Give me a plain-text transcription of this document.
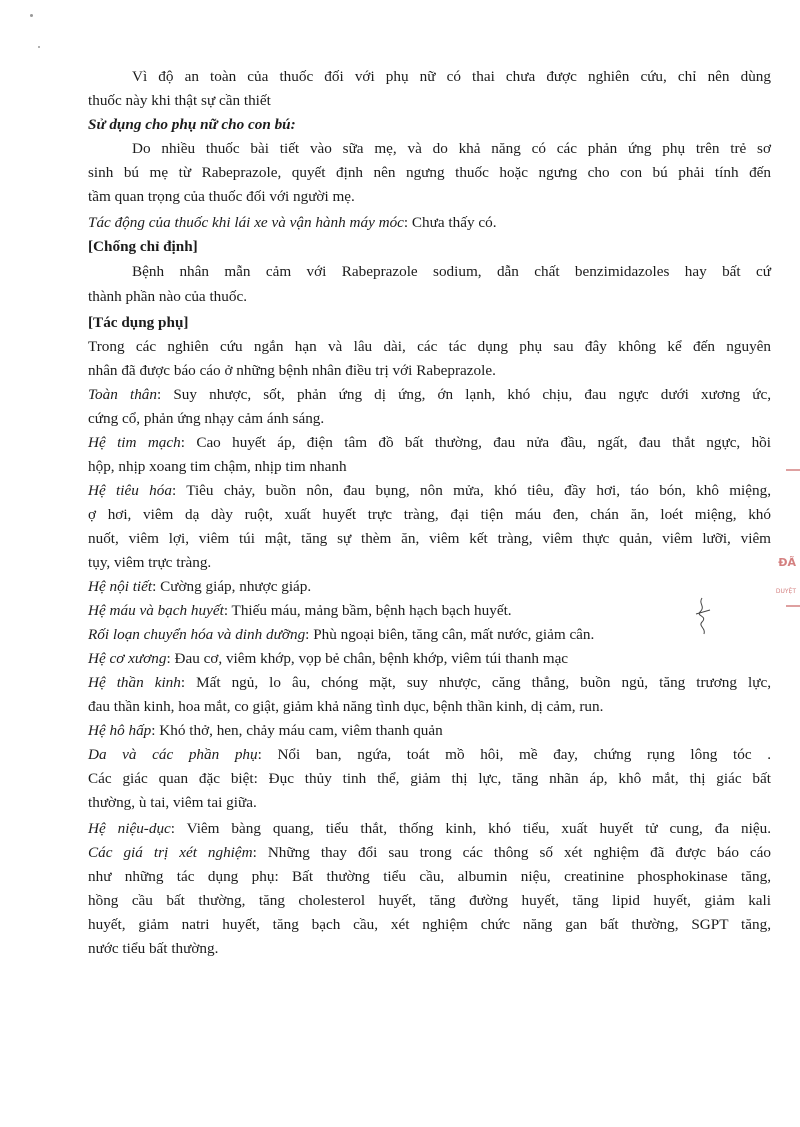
Vì độ an toàn của thuốc đối với phụ nữ có thai chưa được nghiên cứu, chỉ nên dùng
thuốc này khi thật sự cần thiết
Sử dụng cho phụ nữ cho con bú:
Do nhiều thuốc bài tiết vào sữa mẹ, và do khả năng có các phản ứng phụ trên trẻ sơ
sinh bú mẹ từ Rabeprazole, quyết định nên ngưng thuốc hoặc ngưng cho con bú phải tính đến
tầm quan trọng của thuốc đối với người mẹ.
Tác động của thuốc khi lái xe và vận hành máy móc: Chưa thấy có.
[Chống chỉ định]
Bệnh nhân mẫn cảm với Rabeprazole sodium, dẫn chất benzimidazoles hay bất cứ
thành phần nào của thuốc.
[Tác dụng phụ]
Trong các nghiên cứu ngắn hạn và lâu dài, các tác dụng phụ sau đây không kể đến nguyên
nhân đã được báo cáo ở những bệnh nhân điều trị với Rabeprazole.
Toàn thân: Suy nhược, sốt, phản ứng dị ứng, ớn lạnh, khó chịu, đau ngực dưới xương ức,
cứng cổ, phản ứng nhạy cảm ánh sáng.
Hệ tim mạch: Cao huyết áp, điện tâm đồ bất thường, đau nửa đầu, ngất, đau thắt ngực, hồi
hộp, nhịp xoang tim chậm, nhịp tim nhanh
Hệ tiêu hóa: Tiêu chảy, buồn nôn, đau bụng, nôn mửa, khó tiêu, đầy hơi, táo bón, khô miệng,
ợ hơi, viêm dạ dày ruột, xuất huyết trực tràng, đại tiện máu đen, chán ăn, loét miệng, khó
nuốt, viêm lợi, viêm túi mật, tăng sự thèm ăn, viêm kết tràng, viêm thực quản, viêm lưỡi, viêm
tụy, viêm trực tràng.
Hệ nội tiết: Cường giáp, nhược giáp.
Hệ máu và bạch huyết: Thiếu máu, mảng bầm, bệnh hạch bạch huyết.
Rối loạn chuyển hóa và dinh dưỡng: Phù ngoại biên, tăng cân, mất nước, giảm cân.
Hệ cơ xương: Đau cơ, viêm khớp, vọp bẻ chân, bệnh khớp, viêm túi thanh mạc
Hệ thần kinh: Mất ngủ, lo âu, chóng mặt, suy nhược, căng thẳng, buồn ngủ, tăng trương lực,
đau thần kinh, hoa mắt, co giật, giảm khả năng tình dục, bệnh thần kinh, dị cảm, run.
Hệ hô hấp: Khó thở, hen, chảy máu cam, viêm thanh quản
Da và các phần phụ: Nổi ban, ngứa, toát mồ hôi, mề đay, chứng rụng lông tóc .
Các giác quan đặc biệt: Đục thủy tinh thể, giảm thị lực, tăng nhãn áp, khô mắt, thị giác bất
thường, ù tai, viêm tai giữa.
Hệ niệu-dục: Viêm bàng quang, tiểu thắt, thống kinh, khó tiểu, xuất huyết tử cung, đa niệu.
Các giá trị xét nghiệm: Những thay đổi sau trong các thông số xét nghiệm đã được báo cáo
như những tác dụng phụ: Bất thường tiểu cầu, albumin niệu, creatinine phosphokinase tăng,
hồng cầu bất thường, tăng cholesterol huyết, tăng đường huyết, tăng lipid huyết, giảm kali
huyết, giảm natri huyết, tăng bạch cầu, xét nghiệm chức năng gan bất thường, SGPT tăng,
nước tiểu bất thường.
ĐÃ
DUYỆT
